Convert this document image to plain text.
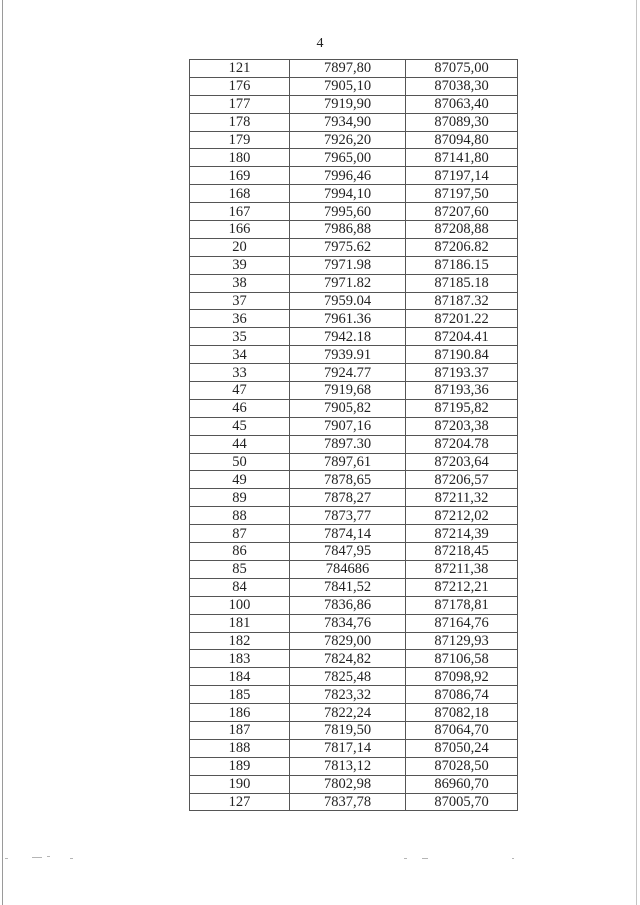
4
121	7897,80	87075,00
176	7905,10	87038,30
177	7919,90	87063,40
178	7934,90	87089,30
179	7926,20	87094,80
180	7965,00	87141,80
169	7996,46	87197,14
168	7994,10	87197,50
167	7995,60	87207,60
166	7986,88	87208,88
20	7975.62	87206.82
39	7971.98	87186.15
38	7971.82	87185.18
37	7959.04	87187.32
36	7961.36	87201.22
35	7942.18	87204.41
34	7939.91	87190.84
33	7924.77	87193.37
47	7919,68	87193,36
46	7905,82	87195,82
45	7907,16	87203,38
44	7897.30	87204.78
50	7897,61	87203,64
49	7878,65	87206,57
89	7878,27	87211,32
88	7873,77	87212,02
87	7874,14	87214,39
86	7847,95	87218,45
85	784686	87211,38
84	7841,52	87212,21
100	7836,86	87178,81
181	7834,76	87164,76
182	7829,00	87129,93
183	7824,82	87106,58
184	7825,48	87098,92
185	7823,32	87086,74
186	7822,24	87082,18
187	7819,50	87064,70
188	7817,14	87050,24
189	7813,12	87028,50
190	7802,98	86960,70
127	7837,78	87005,70
